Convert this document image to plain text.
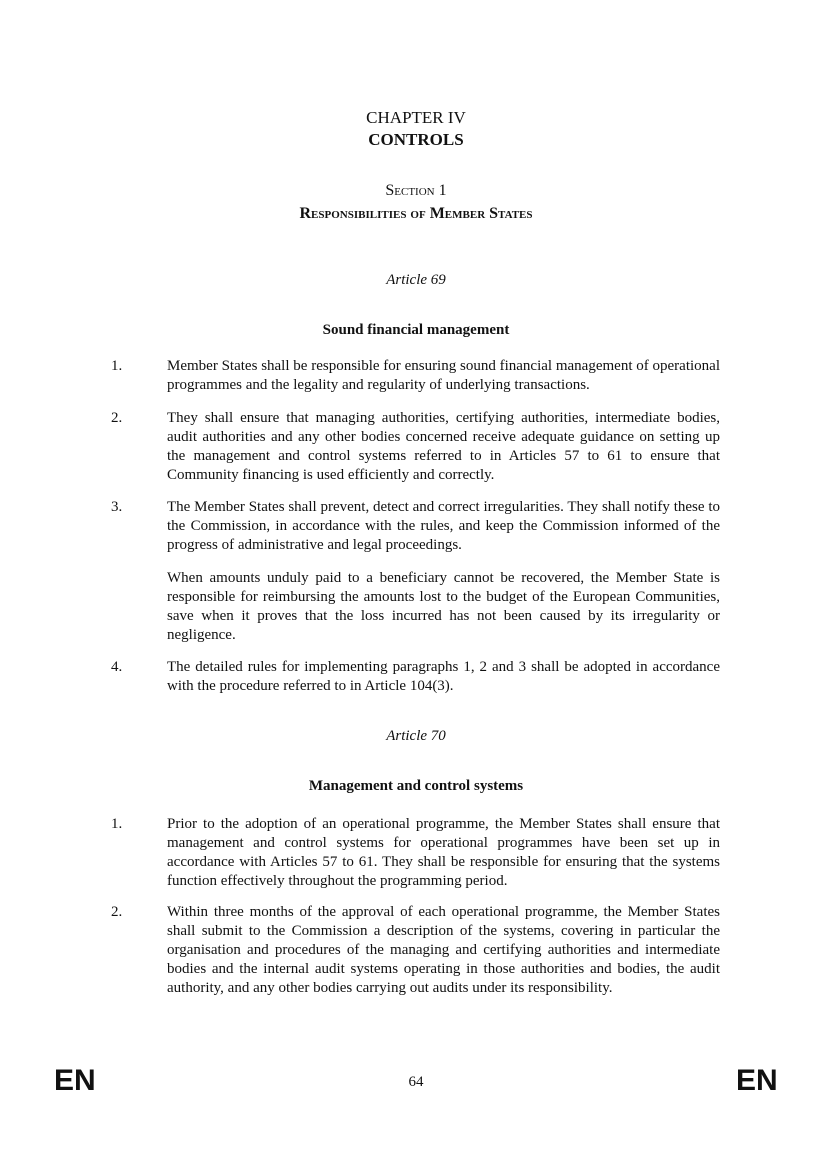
CHAPTER IV
CONTROLS
Section 1
Responsibilities of Member States
Article 69
Sound financial management
1.	Member States shall be responsible for ensuring sound financial management of operational programmes and the legality and regularity of underlying transactions.
2.	They shall ensure that managing authorities, certifying authorities, intermediate bodies, audit authorities and any other bodies concerned receive adequate guidance on setting up the management and control systems referred to in Articles 57 to 61 to ensure that Community financing is used efficiently and correctly.
3.	The Member States shall prevent, detect and correct irregularities. They shall notify these to the Commission, in accordance with the rules, and keep the Commission informed of the progress of administrative and legal proceedings.
When amounts unduly paid to a beneficiary cannot be recovered, the Member State is responsible for reimbursing the amounts lost to the budget of the European Communities, save when it proves that the loss incurred has not been caused by its irregularity or negligence.
4.	The detailed rules for implementing paragraphs 1, 2 and 3 shall be adopted in accordance with the procedure referred to in Article 104(3).
Article 70
Management and control systems
1.	Prior to the adoption of an operational programme, the Member States shall ensure that management and control systems for operational programmes have been set up in accordance with Articles 57 to 61. They shall be responsible for ensuring that the systems function effectively throughout the programming period.
2.	Within three months of the approval of each operational programme, the Member States shall submit to the Commission a description of the systems, covering in particular the organisation and procedures of the managing and certifying authorities and intermediate bodies and the internal audit systems operating in those authorities and bodies, the audit authority, and any other bodies carrying out audits under its responsibility.
EN	64	EN
